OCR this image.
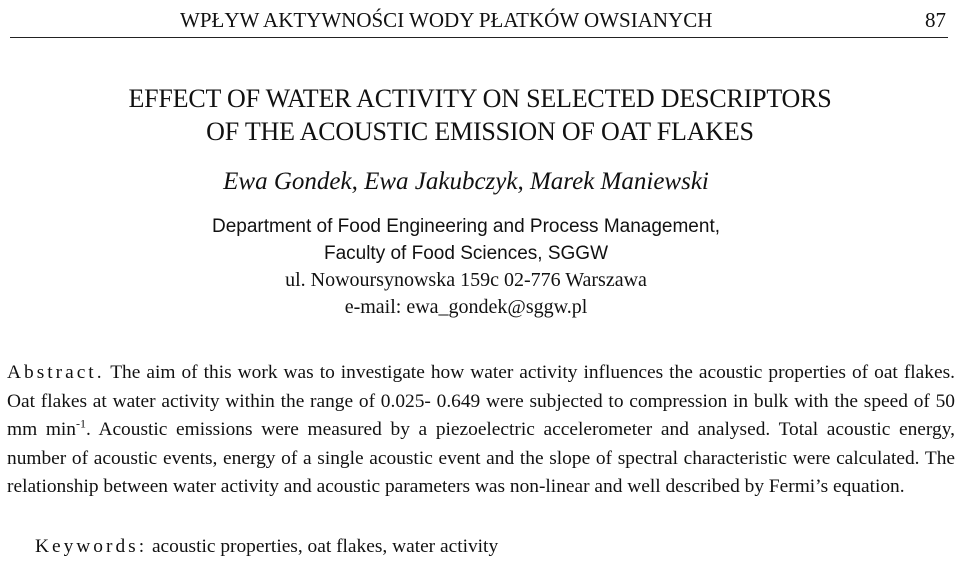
WPŁYW AKTYWNOŚCI WODY PŁATKÓW OWSIANYCH	87
EFFECT OF WATER ACTIVITY ON SELECTED DESCRIPTORS
OF THE ACOUSTIC EMISSION OF OAT FLAKES
Ewa Gondek, Ewa Jakubczyk, Marek Maniewski
Department of Food Engineering and Process Management,
Faculty of Food Sciences, SGGW
ul. Nowoursynowska 159c 02-776 Warszawa
e-mail: ewa_gondek@sggw.pl

Abstract. The aim of this work was to investigate how water activity influences the acoustic properties of oat flakes. Oat flakes at water activity within the range of 0.025- 0.649 were subjected to compression in bulk with the speed of 50 mm $\min^{-1}$. Acoustic emissions were measured by a piezoelectric accelerometer and analysed. Total acoustic energy, number of acoustic events, energy of a single acoustic event and the slope of spectral characteristic were calculated. The relationship between water activity and acoustic parameters was non-linear and well described by Fermi’s equation.

Keywords: acoustic properties, oat flakes, water activity
